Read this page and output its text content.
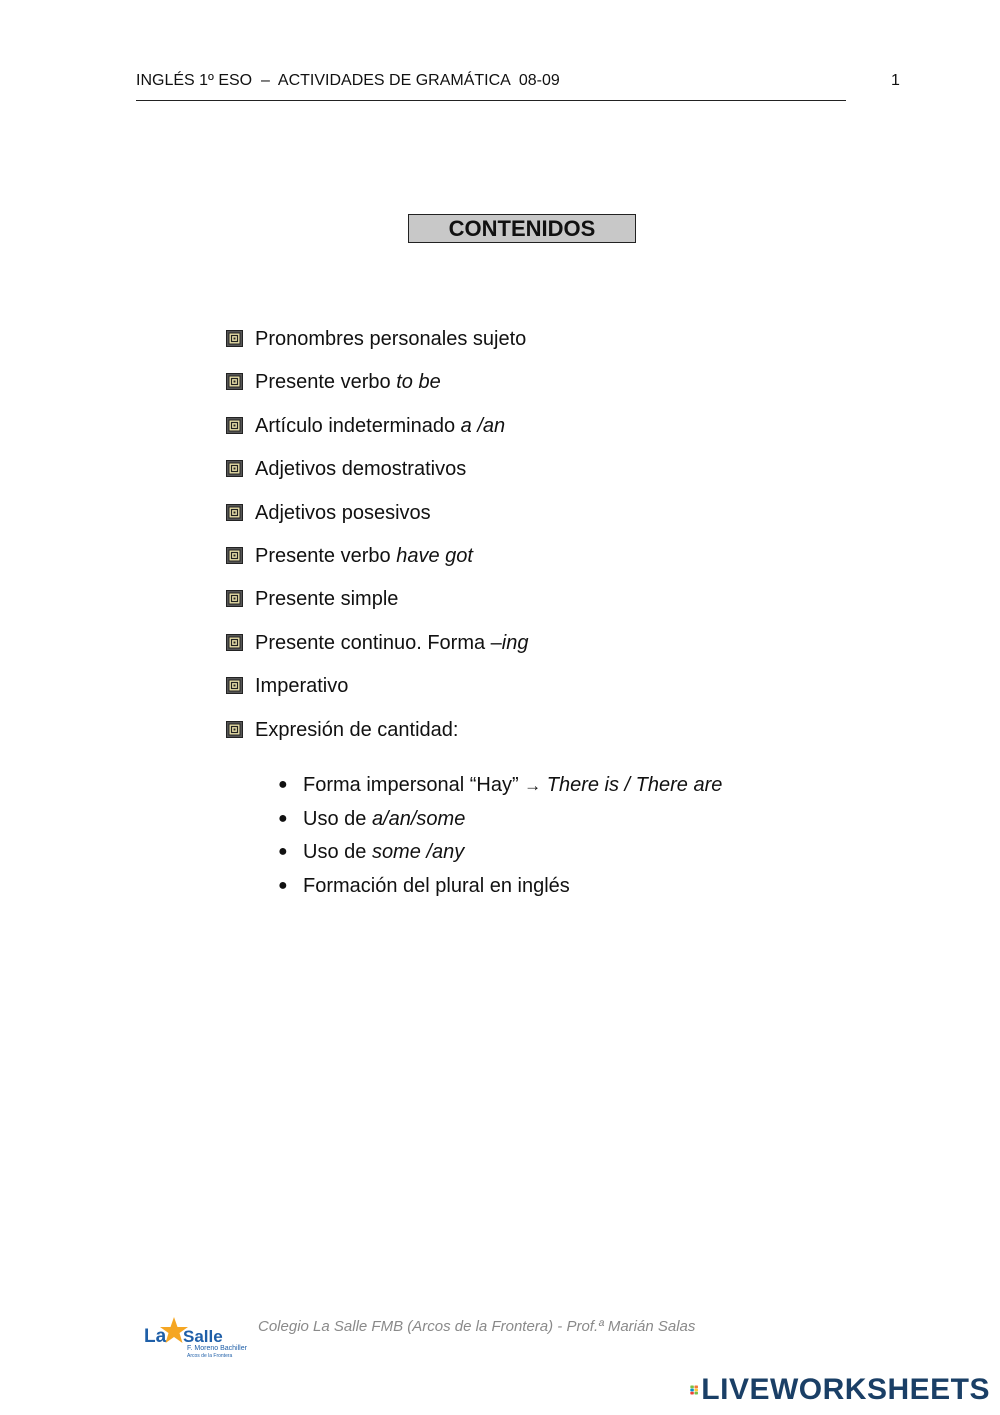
INGLÉS 1º ESO  –  ACTIVIDADES DE GRAMÁTICA  08-09	1
CONTENIDOS
Pronombres personales sujeto
Presente verbo to be
Artículo indeterminado a /an
Adjetivos demostrativos
Adjetivos posesivos
Presente verbo have got
Presente simple
Presente continuo. Forma –ing
Imperativo
Expresión de cantidad:
● Forma impersonal “Hay” → There is / There are
● Uso de a/an/some
● Uso de some /any
● Formación del plural en inglés
La Salle
F. Moreno Bachiller
Arcos de la Frontera
Colegio La Salle FMB (Arcos de la Frontera) - Prof.ª Marián Salas
LIVEWORKSHEETS
